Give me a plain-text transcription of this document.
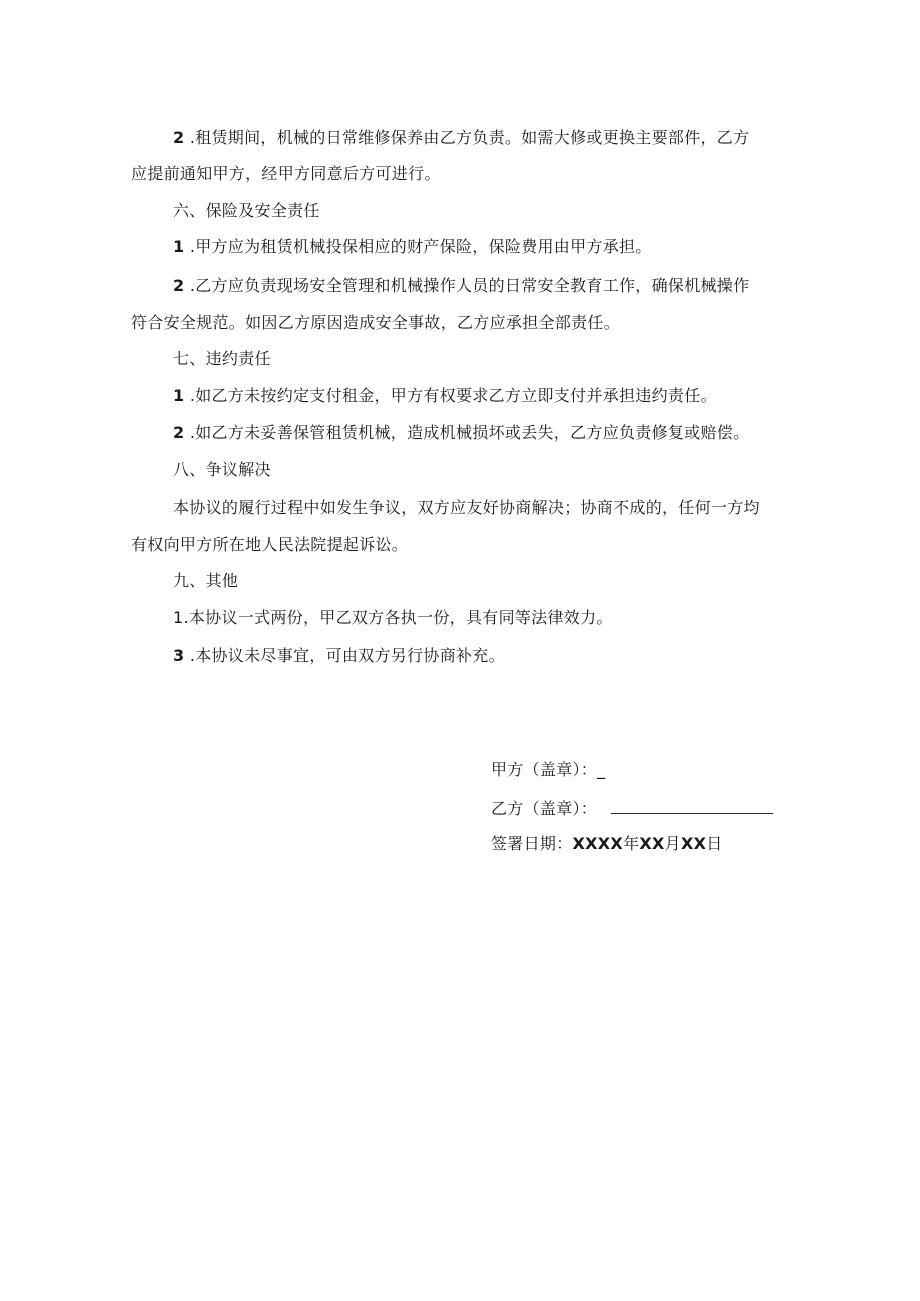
2 .租赁期间，机械的日常维修保养由乙方负责。如需大修或更换主要部件，乙方
应提前通知甲方，经甲方同意后方可进行。
六、保险及安全责任
1 .甲方应为租赁机械投保相应的财产保险，保险费用由甲方承担。
2 .乙方应负责现场安全管理和机械操作人员的日常安全教育工作，确保机械操作
符合安全规范。如因乙方原因造成安全事故，乙方应承担全部责任。
七、违约责任
1 .如乙方未按约定支付租金，甲方有权要求乙方立即支付并承担违约责任。
2 .如乙方未妥善保管租赁机械，造成机械损坏或丢失，乙方应负责修复或赔偿。
八、争议解决
本协议的履行过程中如发生争议，双方应友好协商解决；协商不成的，任何一方均
有权向甲方所在地人民法院提起诉讼。
九、其他
1.本协议一式两份，甲乙双方各执一份，具有同等法律效力。
3 .本协议未尽事宜，可由双方另行协商补充。
甲方（盖章）：_
乙方（盖章）：
签署日期：XXXX年XX月XX日
